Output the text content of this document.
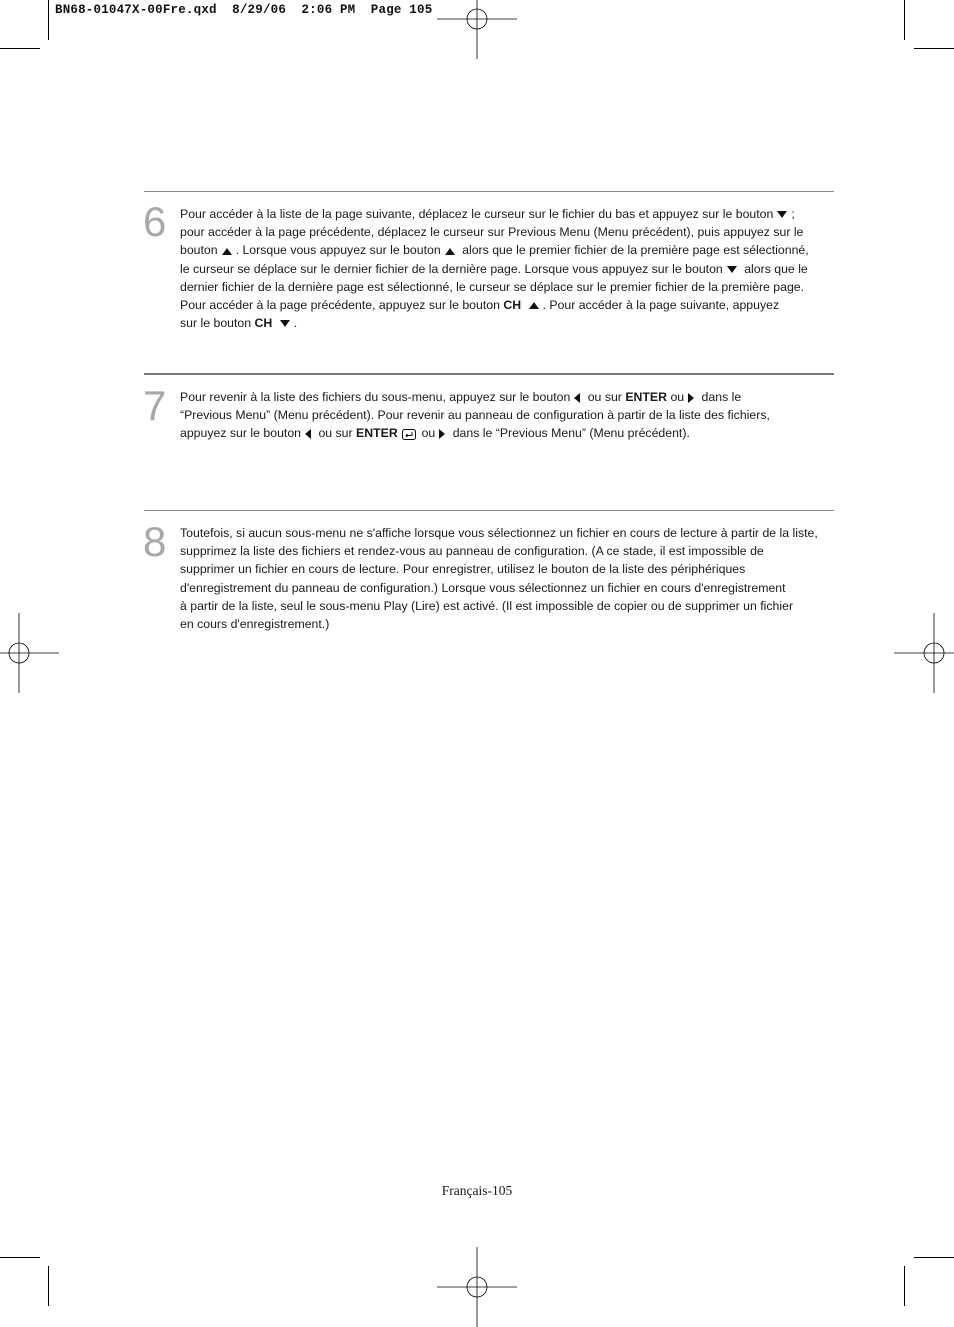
BN68-01047X-00Fre.qxd 8/29/06 2:06 PM Page 105
6	Pour accéder à la liste de la page suivante, déplacez le curseur sur le fichier du bas et appuyez sur le bouton ;
pour accéder à la page précédente, déplacez le curseur sur Previous Menu (Menu précédent), puis appuyez sur le
bouton . Lorsque vous appuyez sur le bouton alors que le premier fichier de la première page est sélectionné,
le curseur se déplace sur le dernier fichier de la dernière page. Lorsque vous appuyez sur le bouton alors que le
dernier fichier de la dernière page est sélectionné, le curseur se déplace sur le premier fichier de la première page.
Pour accéder à la page précédente, appuyez sur le bouton CH . Pour accéder à la page suivante, appuyez
sur le bouton CH .
7	Pour revenir à la liste des fichiers du sous-menu, appuyez sur le bouton ou sur ENTER ou dans le
“Previous Menu” (Menu précédent). Pour revenir au panneau de configuration à partir de la liste des fichiers,
appuyez sur le bouton ou sur ENTER ou dans le “Previous Menu” (Menu précédent).
8	Toutefois, si aucun sous-menu ne s'affiche lorsque vous sélectionnez un fichier en cours de lecture à partir de la liste,
supprimez la liste des fichiers et rendez-vous au panneau de configuration. (A ce stade, il est impossible de
supprimer un fichier en cours de lecture. Pour enregistrer, utilisez le bouton de la liste des périphériques
d'enregistrement du panneau de configuration.) Lorsque vous sélectionnez un fichier en cours d'enregistrement
à partir de la liste, seul le sous-menu Play (Lire) est activé. (Il est impossible de copier ou de supprimer un fichier
en cours d'enregistrement.)
Français-105
